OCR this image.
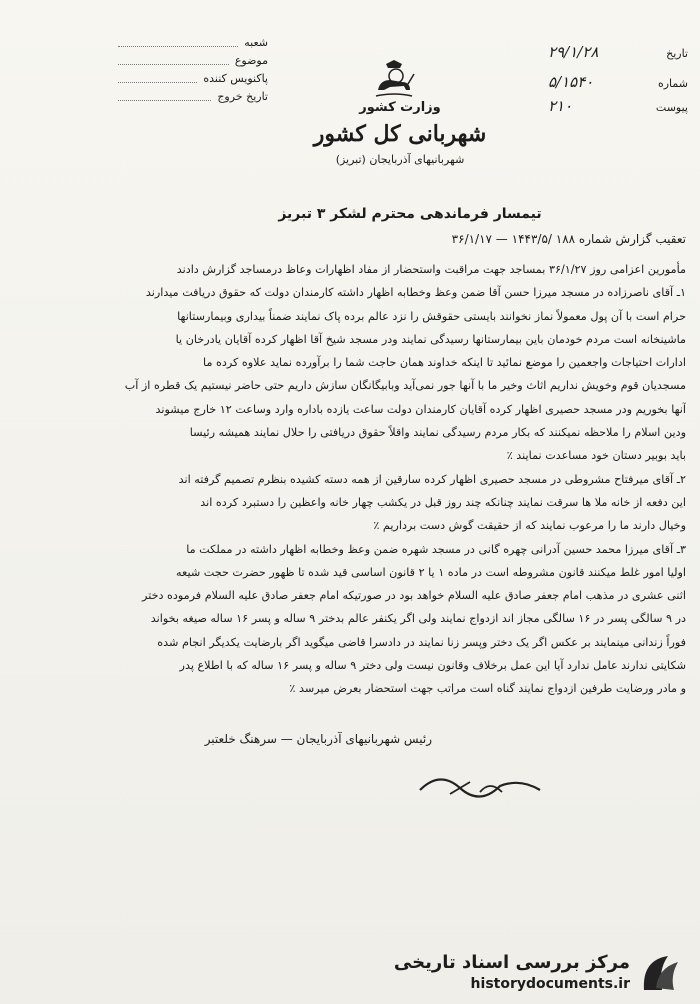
شعبه
موضوع
پاکنویس کننده
تاریخ خروج
تاریخ
۲۹/۱/۲۸
شماره
۵/۱۵۴۰
پیوست
۲۱۰
وزارت کشور
شهربانی کل کشور
شهربانیهای آذربایجان (تبریز)
تیمسار فرماندهی محترم لشکر ۳ تبریز
تعقیب گزارش شماره ۱۸۸ /۱۴۴۳/۵ — ۳۶/۱/۱۷

مأمورین اعزامی روز ۳۶/۱/۲۷ بمساجد جهت مراقبت واستحضار از مفاد اظهارات وعاظ درمساجد گزارش دادند

۱ـ آقای ناصرزاده در مسجد میرزا حسن آقا ضمن وعظ وخطابه اظهار داشته کارمندان دولت که حقوق دریافت میدارند

حرام است با آن پول معمولاً نماز نخوانند بایستی حقوقش را نزد عالم برده پاک نمایند ضمناً بیداری وبیمارستانها

ماشینخانه است مردم خودمان باین بیمارستانها رسیدگی نمایند ودر مسجد شیخ آقا اظهار کرده آقایان یادرخان یا

ادارات احتیاجات واجعمین را موضع نمائید تا اینکه خداوند همان حاجت شما را برآورده نماید علاوه کرده ما

مسجدیان قوم وخویش نداریم اثاث وخیر ما با آنها جور نمی‌آید وبابیگانگان سازش داریم حتی حاضر نیستیم یک قطره از آب

آنها بخوریم ودر مسجد حصیری اظهار کرده آقایان کارمندان دولت ساعت یازده باداره وارد وساعت ۱۲ خارج میشوند

ودین اسلام را ملاحظه نمیکنند که بکار مردم رسیدگی نمایند واقلاً حقوق دریافتی را حلال نمایند همیشه رئیسا

باید بوبیر دستان خود مساعدت نمایند ٪

۲ـ آقای میرفتاح مشروطی در مسجد حصیری اظهار کرده سارقین از همه دسته کشیده بنظرم تصمیم گرفته اند

این دفعه از خانه ملا ها سرقت نمایند چنانکه چند روز قبل در یکشب چهار خانه واعظین را دستبرد کرده اند

وخیال دارند ما را مرعوب نمایند که از حقیقت گوش دست برداریم ٪

۳ـ آقای میرزا محمد حسین آدرانی چهره گانی در مسجد شهره ضمن وعظ وخطابه اظهار داشته در مملکت ما

اولیا امور غلط میکنند قانون مشروطه است در ماده ۱ یا ۲ قانون اساسی قید شده تا ظهور حضرت حجت شیعه

اثنی عشری در مذهب امام جعفر صادق علیه السلام خواهد بود در صورتیکه امام جعفر صادق علیه السلام فرموده دختر

در ۹ سالگی پسر در ۱۶ سالگی مجاز اند ازدواج نمایند ولی اگر یکنفر عالم بدختر ۹ ساله و پسر ۱۶ ساله صیغه بخواند

فوراً زندانی مینمایند بر عکس اگر یک دختر وپسر زنا نمایند در دادسرا قاضی میگوید اگر بارضایت یکدیگر انجام شده

شکایتی ندارند عامل ندارد آیا این عمل برخلاف وقانون نیست ولی دختر ۹ ساله و پسر ۱۶ ساله که با اطلاع پدر

و مادر ورضایت طرفین ازدواج نمایند گناه است مراتب جهت استحضار بعرض میرسد ٪

رئیس شهربانیهای آذربایجان — سرهنگ خلعتبر
مرکز بررسی اسناد تاریخی
historydocuments.ir
